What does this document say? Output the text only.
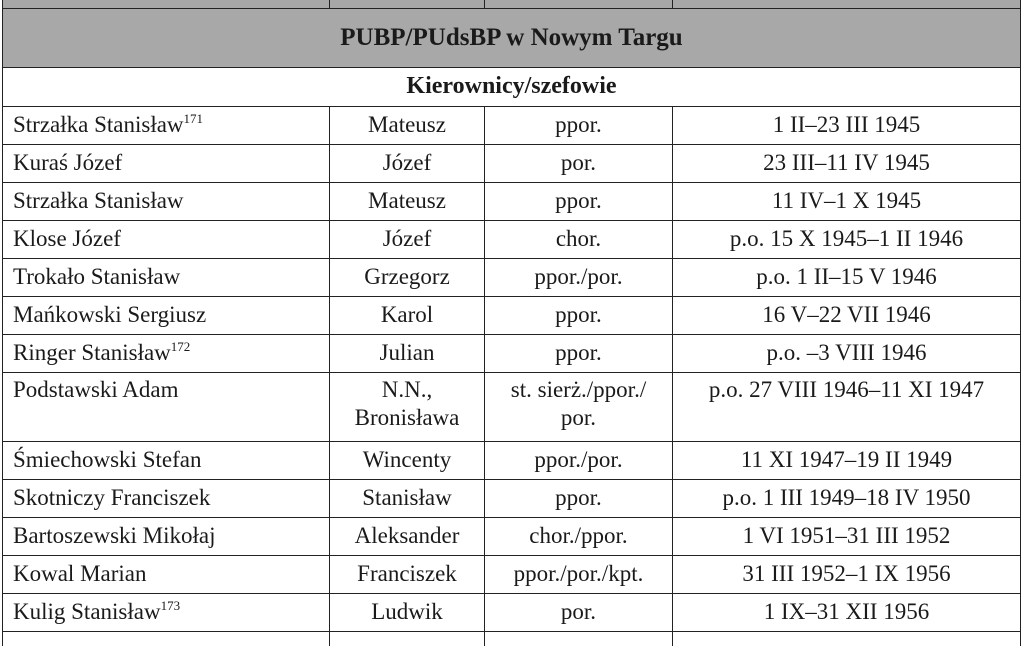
PUBP/PUdsBP w Nowym Targu			
Kierownicy/szefowie			
Strzałka Stanisław$^{171}$	Mateusz	ppor.	1 II–23 III 1945
Kuraś Józef	Józef	por.	23 III–11 IV 1945
Strzałka Stanisław	Mateusz	ppor.	11 IV–1 X 1945
Klose Józef	Józef	chor.	p.o. 15 X 1945–1 II 1946
Trokało Stanisław	Grzegorz	ppor./por.	p.o. 1 II–15 V 1946
Mańkowski Sergiusz	Karol	ppor.	16 V–22 VII 1946
Ringer Stanisław$^{172}$	Julian	ppor.	p.o. –3 VIII 1946
Podstawski Adam	N.N., Bronisława	st. sierż./ppor./ por.	p.o. 27 VIII 1946–11 XI 1947
Śmiechowski Stefan	Wincenty	ppor./por.	11 XI 1947–19 II 1949
Skotniczy Franciszek	Stanisław	ppor.	p.o. 1 III 1949–18 IV 1950
Bartoszewski Mikołaj	Aleksander	chor./ppor.	1 VI 1951–31 III 1952
Kowal Marian	Franciszek	ppor./por./kpt.	31 III 1952–1 IX 1956
Kulig Stanisław$^{173}$	Ludwik	por.	1 IX–31 XII 1956
